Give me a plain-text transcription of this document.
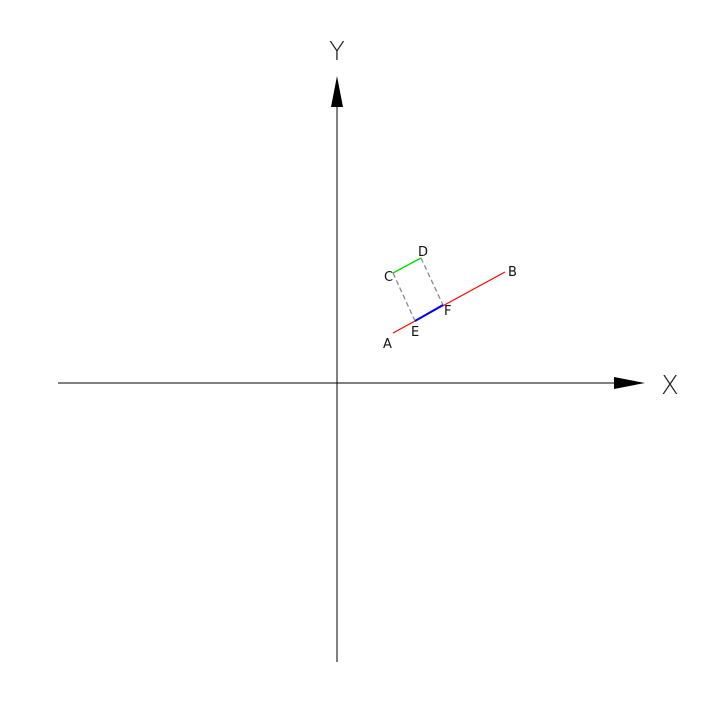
X
Y
A
B
C
D
E
F
